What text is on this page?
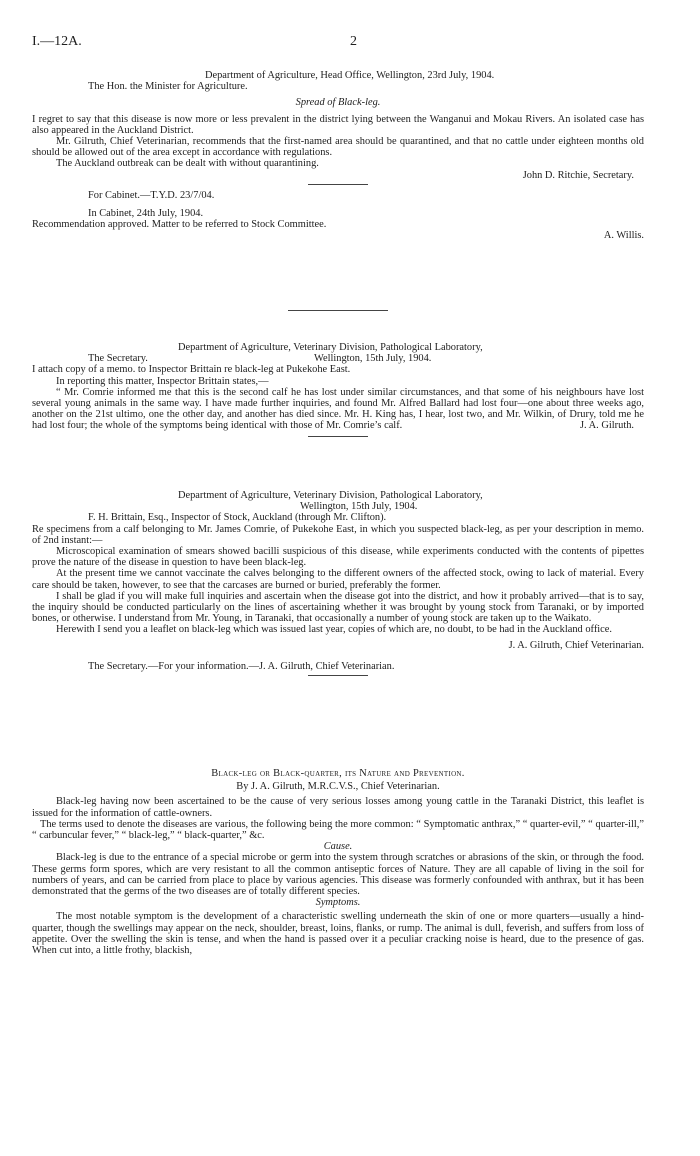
I.—12A.	2

Department of Agriculture, Head Office, Wellington, 23rd July, 1904.

The Hon. the Minister for Agriculture.

Spread of Black-leg.

I regret to say that this disease is now more or less prevalent in the district lying between the Wanganui and Mokau Rivers. An isolated case has also appeared in the Auckland District.

Mr. Gilruth, Chief Veterinarian, recommends that the first-named area should be quarantined, and that no cattle under eighteen months old should be allowed out of the area except in accordance with regulations.

The Auckland outbreak can be dealt with without quarantining.

John D. Ritchie, Secretary.

For Cabinet.—T.Y.D. 23/7/04.

In Cabinet, 24th July, 1904.

Recommendation approved. Matter to be referred to Stock Committee.

A. Willis.

Department of Agriculture, Veterinary Division, Pathological Laboratory,

The Secretary.	Wellington, 15th July, 1904.

I attach copy of a memo. to Inspector Brittain re black-leg at Pukekohe East.

In reporting this matter, Inspector Brittain states,—

“ Mr. Comrie informed me that this is the second calf he has lost under similar circumstances, and that some of his neighbours have lost several young animals in the same way. I have made further inquiries, and found Mr. Alfred Ballard had lost four—one about three weeks ago, another on the 21st ultimo, one the other day, and another has died since. Mr. H. King has, I hear, lost two, and Mr. Wilkin, of Drury, told me he had lost four; the whole of the symptoms being identical with those of Mr. Comrie’s calf.	J. A. Gilruth.

Department of Agriculture, Veterinary Division, Pathological Laboratory,

Wellington, 15th July, 1904.

F. H. Brittain, Esq., Inspector of Stock, Auckland (through Mr. Clifton).

Re specimens from a calf belonging to Mr. James Comrie, of Pukekohe East, in which you suspected black-leg, as per your description in memo. of 2nd instant:—

Microscopical examination of smears showed bacilli suspicious of this disease, while experiments conducted with the contents of pipettes prove the nature of the disease in question to have been black-leg.

At the present time we cannot vaccinate the calves belonging to the different owners of the affected stock, owing to lack of material. Every care should be taken, however, to see that the carcases are burned or buried, preferably the former.

I shall be glad if you will make full inquiries and ascertain when the disease got into the district, and how it probably arrived—that is to say, the inquiry should be conducted particularly on the lines of ascertaining whether it was brought by young stock from Taranaki, or by imported bones, or otherwise. I understand from Mr. Young, in Taranaki, that occasionally a number of young stock are taken up to the Waikato.

Herewith I send you a leaflet on black-leg which was issued last year, copies of which are, no doubt, to be had in the Auckland office.

J. A. Gilruth, Chief Veterinarian.

The Secretary.—For your information.—J. A. Gilruth, Chief Veterinarian.

Black-leg or Black-quarter, its Nature and Prevention.

By J. A. Gilruth, M.R.C.V.S., Chief Veterinarian.

Black-leg having now been ascertained to be the cause of very serious losses among young cattle in the Taranaki District, this leaflet is issued for the information of cattle-owners.

The terms used to denote the diseases are various, the following being the more common: “ Symptomatic anthrax,” “ quarter-evil,” “ quarter-ill,” “ carbuncular fever,” “ black-leg,” “ black-quarter,” &c.

Cause.

Black-leg is due to the entrance of a special microbe or germ into the system through scratches or abrasions of the skin, or through the food. These germs form spores, which are very resistant to all the common antiseptic forces of Nature. They are all capable of living in the soil for numbers of years, and can be carried from place to place by various agencies. This disease was formerly confounded with anthrax, but it has been demonstrated that the germs of the two diseases are of totally different species.

Symptoms.

The most notable symptom is the development of a characteristic swelling underneath the skin of one or more quarters—usually a hind-quarter, though the swellings may appear on the neck, shoulder, breast, loins, flanks, or rump. The animal is dull, feverish, and suffers from loss of appetite. Over the swelling the skin is tense, and when the hand is passed over it a peculiar cracking noise is heard, due to the presence of gas. When cut into, a little frothy, blackish,
